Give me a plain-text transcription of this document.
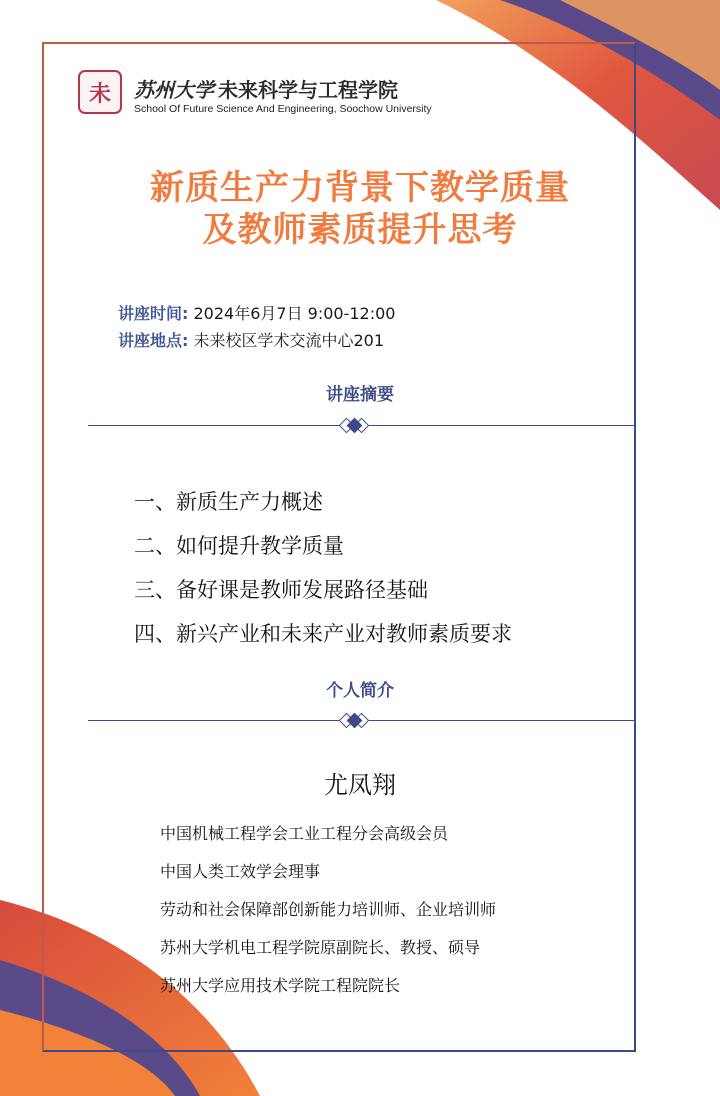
未 苏州大学 未来科学与工程学院
School Of Future Science And Engineering, Soochow University
新质生产力背景下教学质量
及教师素质提升思考
讲座时间: 2024年6月7日 9:00-12:00
讲座地点: 未来校区学术交流中心201
讲座摘要
一、新质生产力概述
二、如何提升教学质量
三、备好课是教师发展路径基础
四、新兴产业和未来产业对教师素质要求
个人简介
尤凤翔
中国机械工程学会工业工程分会高级会员
中国人类工效学会理事
劳动和社会保障部创新能力培训师、企业培训师
苏州大学机电工程学院原副院长、教授、硕导
苏州大学应用技术学院工程院院长
